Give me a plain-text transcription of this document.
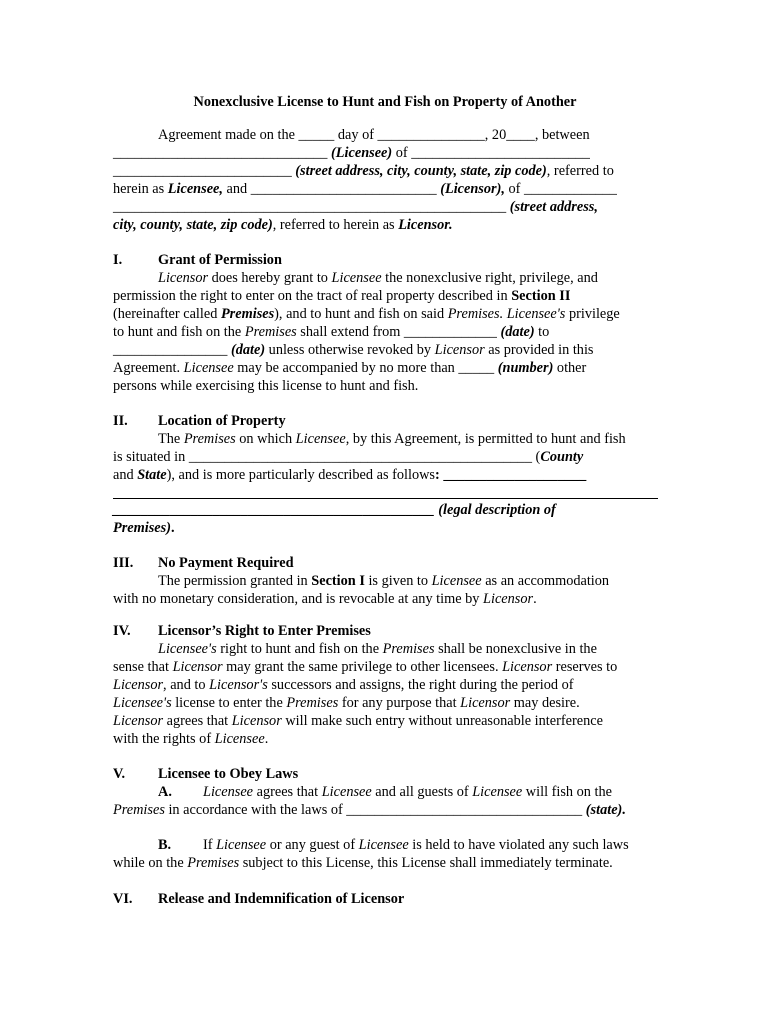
Nonexclusive License to Hunt and Fish on Property of Another

Agreement made on the _____ day of _______________, 20____, between

______________________________ (Licensee) of _________________________

_________________________ (street address, city, county, state, zip code), referred to

herein as Licensee, and __________________________ (Licensor), of _____________

_______________________________________________________ (street address,

city, county, state, zip code), referred to herein as Licensor.

I.	Grant of Permission

Licensor does hereby grant to Licensee the nonexclusive right, privilege, and

permission the right to enter on the tract of real property described in Section II

(hereinafter called Premises), and to hunt and fish on said Premises. Licensee's privilege

to hunt and fish on the Premises shall extend from _____________ (date) to

________________ (date) unless otherwise revoked by Licensor as provided in this

Agreement. Licensee may be accompanied by no more than _____ (number) other

persons while exercising this license to hunt and fish.

II. Location of Property

The Premises on which Licensee, by this Agreement, is permitted to hunt and fish

is situated in ________________________________________________ (County

and State), and is more particularly described as follows: ____________________

_____________________________________________ (legal description of

Premises).

III. No Payment Required

The permission granted in Section I is given to Licensee as an accommodation

with no monetary consideration, and is revocable at any time by Licensor.

IV. Licensor’s Right to Enter Premises

Licensee's right to hunt and fish on the Premises shall be nonexclusive in the

sense that Licensor may grant the same privilege to other licensees. Licensor reserves to

Licensor, and to Licensor's successors and assigns, the right during the period of

Licensee's license to enter the Premises for any purpose that Licensor may desire.

Licensor agrees that Licensor will make such entry without unreasonable interference

with the rights of Licensee.

V. Licensee to Obey Laws

A. Licensee agrees that Licensee and all guests of Licensee will fish on the

Premises in accordance with the laws of _________________________________ (state).

B. If Licensee or any guest of Licensee is held to have violated any such laws

while on the Premises subject to this License, this License shall immediately terminate.

VI. Release and Indemnification of Licensor
